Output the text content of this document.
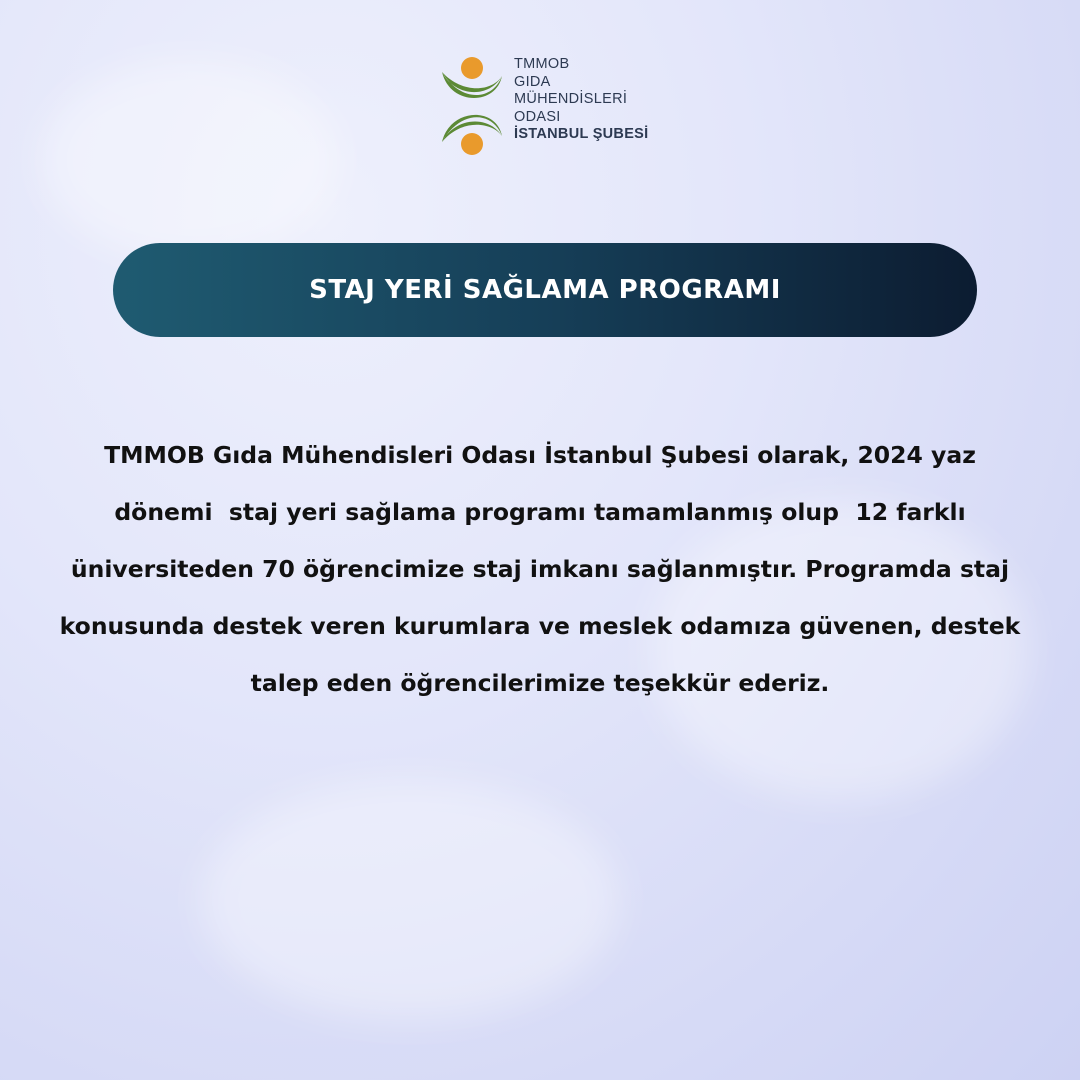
TMMOB
GIDA
MÜHENDİSLERİ
ODASI
İSTANBUL ŞUBESİ
STAJ YERİ SAĞLAMA PROGRAMI
TMMOB Gıda Mühendisleri Odası İstanbul Şubesi olarak, 2024 yaz
dönemi  staj yeri sağlama programı tamamlanmış olup  12 farklı
üniversiteden 70 öğrencimize staj imkanı sağlanmıştır. Programda staj
konusunda destek veren kurumlara ve meslek odamıza güvenen, destek
talep eden öğrencilerimize teşekkür ederiz.
